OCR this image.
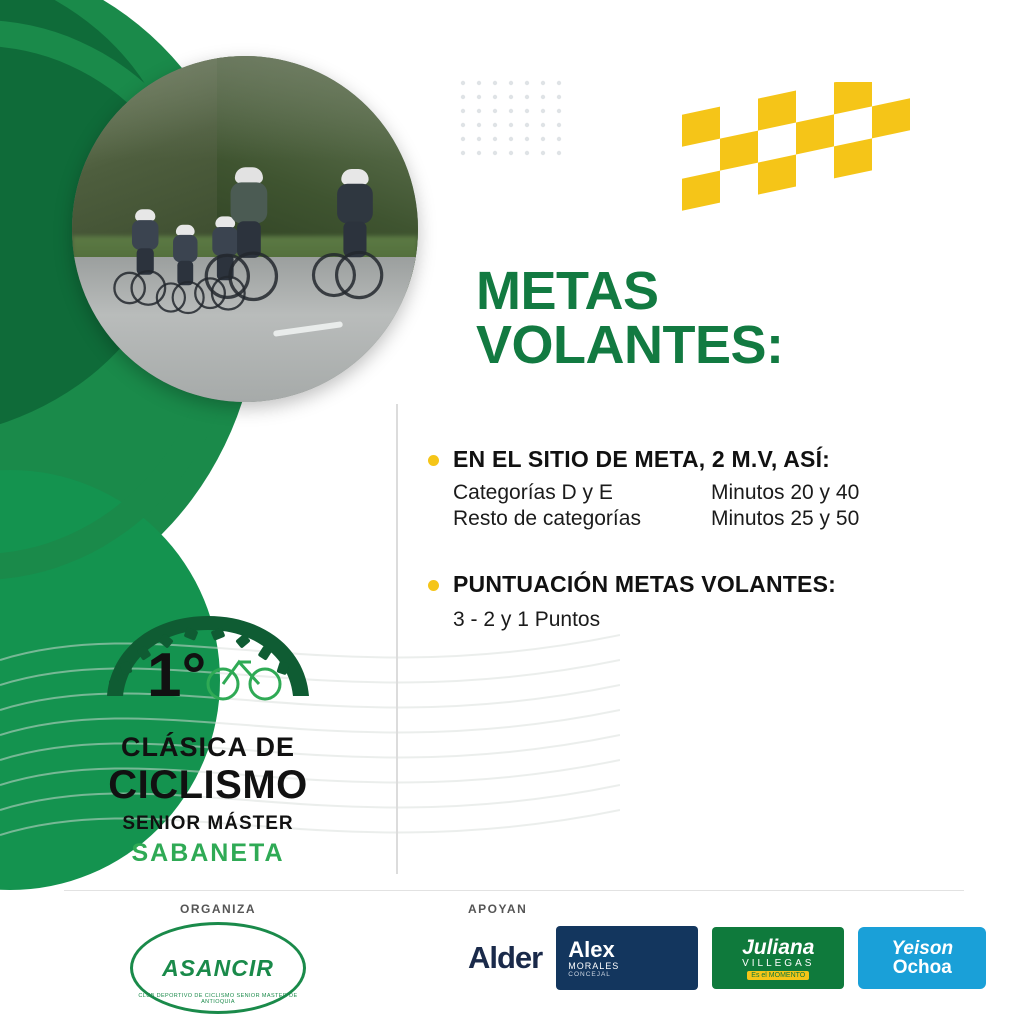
METAS
VOLANTES:
EN EL SITIO DE META, 2 M.V, ASÍ:
Categorías D y E	Minutos 20 y 40
Resto de categorías	Minutos 25 y 50
PUNTUACIÓN METAS VOLANTES:
3 - 2 y 1 Puntos
1°
CLÁSICA DE
CICLISMO
SENIOR MÁSTER
SABANETA
ORGANIZA
ASANCIR
CLUB DEPORTIVO DE CICLISMO SENIOR MASTER DE ANTIOQUIA
APOYAN
Alder Alex
MORALES
CONCEJAL
Juliana
VILLEGAS
Es el MOMENTO
Yeison
Ochoa
